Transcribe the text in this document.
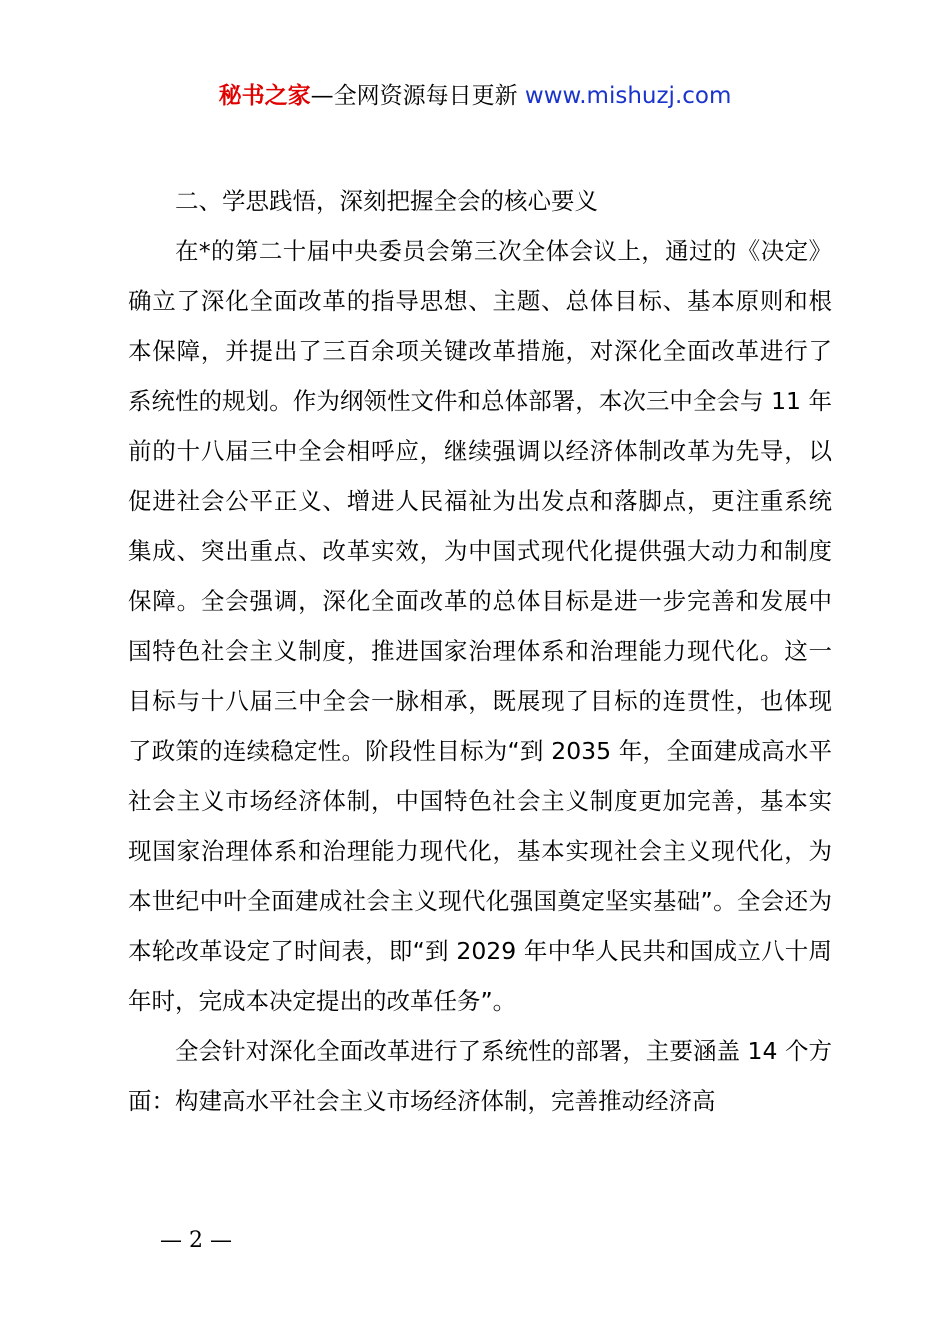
秘书之家—全网资源每日更新 www.mishuzj.com

二、学思践悟，深刻把握全会的核心要义

在*的第二十届中央委员会第三次全体会议上，通过的《决定》确立了深化全面改革的指导思想、主题、总体目标、基本原则和根本保障，并提出了三百余项关键改革措施，对深化全面改革进行了系统性的规划。作为纲领性文件和总体部署，本次三中全会与 11 年前的十八届三中全会相呼应，继续强调以经济体制改革为先导，以促进社会公平正义、增进人民福祉为出发点和落脚点，更注重系统集成、突出重点、改革实效，为中国式现代化提供强大动力和制度保障。全会强调，深化全面改革的总体目标是进一步完善和发展中国特色社会主义制度，推进国家治理体系和治理能力现代化。这一目标与十八届三中全会一脉相承，既展现了目标的连贯性，也体现了政策的连续稳定性。阶段性目标为“到 2035 年，全面建成高水平社会主义市场经济体制，中国特色社会主义制度更加完善，基本实现国家治理体系和治理能力现代化，基本实现社会主义现代化，为本世纪中叶全面建成社会主义现代化强国奠定坚实基础”。全会还为本轮改革设定了时间表，即“到 2029 年中华人民共和国成立八十周年时，完成本决定提出的改革任务”。

全会针对深化全面改革进行了系统性的部署，主要涵盖 14 个方面：构建高水平社会主义市场经济体制，完善推动经济高

— 2 —
